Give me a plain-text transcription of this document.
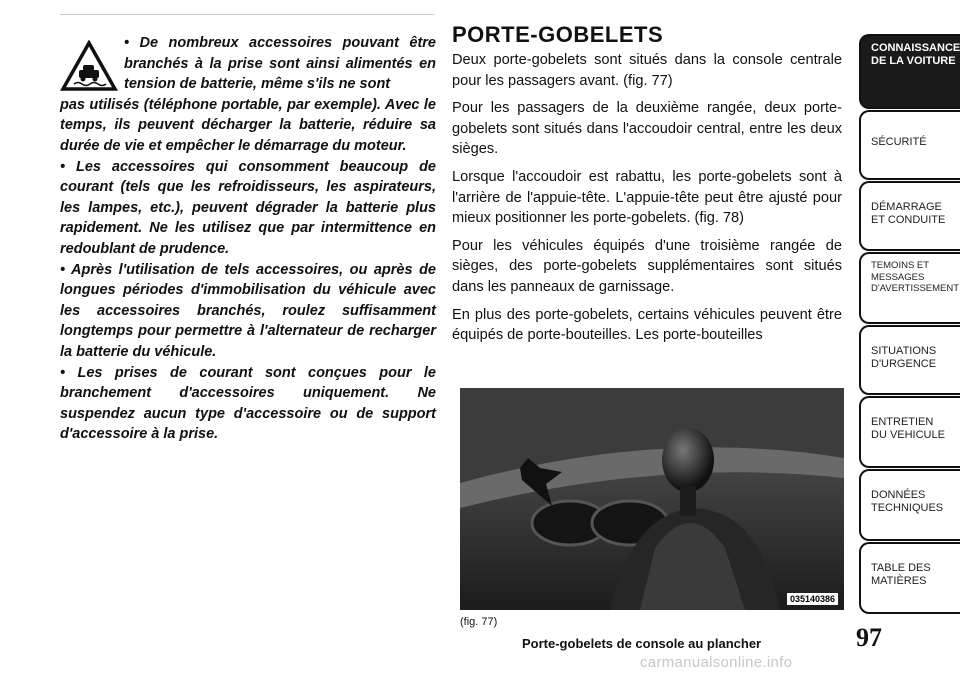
• De nombreux accessoires pouvant être branchés à la prise sont ainsi alimentés en tension de batterie, même s'ils ne sont
pas utilisés (téléphone portable, par exemple). Avec le temps, ils peuvent décharger la batterie, réduire sa durée de vie et empêcher le démarrage du moteur.

• Les accessoires qui consomment beaucoup de courant (tels que les refroidisseurs, les aspirateurs, les lampes, etc.), peuvent dégrader la batterie plus rapidement. Ne les utilisez que par intermittence en redoublant de prudence.

• Après l'utilisation de tels accessoires, ou après de longues périodes d'immobilisation du véhicule avec les accessoires branchés, roulez suffisamment longtemps pour permettre à l'alternateur de recharger la batterie du véhicule.

• Les prises de courant sont conçues pour le branchement d'accessoires uniquement. Ne suspendez aucun type d'accessoire ou de support d'accessoire à la prise.

PORTE-GOBELETS

Deux porte-gobelets sont situés dans la console centrale pour les passagers avant. (fig. 77)

Pour les passagers de la deuxième rangée, deux porte-gobelets sont situés dans l'accoudoir central, entre les deux sièges.

Lorsque l'accoudoir est rabattu, les porte-gobelets sont à l'arrière de l'appuie-tête. L'appuie-tête peut être ajusté pour mieux positionner les porte-gobelets. (fig. 78)

Pour les véhicules équipés d'une troisième rangée de sièges, des porte-gobelets supplémentaires sont situés dans les panneaux de garnissage.

En plus des porte-gobelets, certains véhicules peuvent être équipés de porte-bouteilles. Les porte-bouteilles

035140386
(fig. 77)
Porte-gobelets de console au plancher	97
CONNAISSANCE
DE LA VOITURE
SÉCURITÉ
DÉMARRAGE
ET CONDUITE
TEMOINS ET
MESSAGES
D'AVERTISSEMENT
SITUATIONS
D'URGENCE
ENTRETIEN
DU VEHICULE
DONNÉES
TECHNIQUES
TABLE DES
MATIÈRES
carmanualsonline.info
